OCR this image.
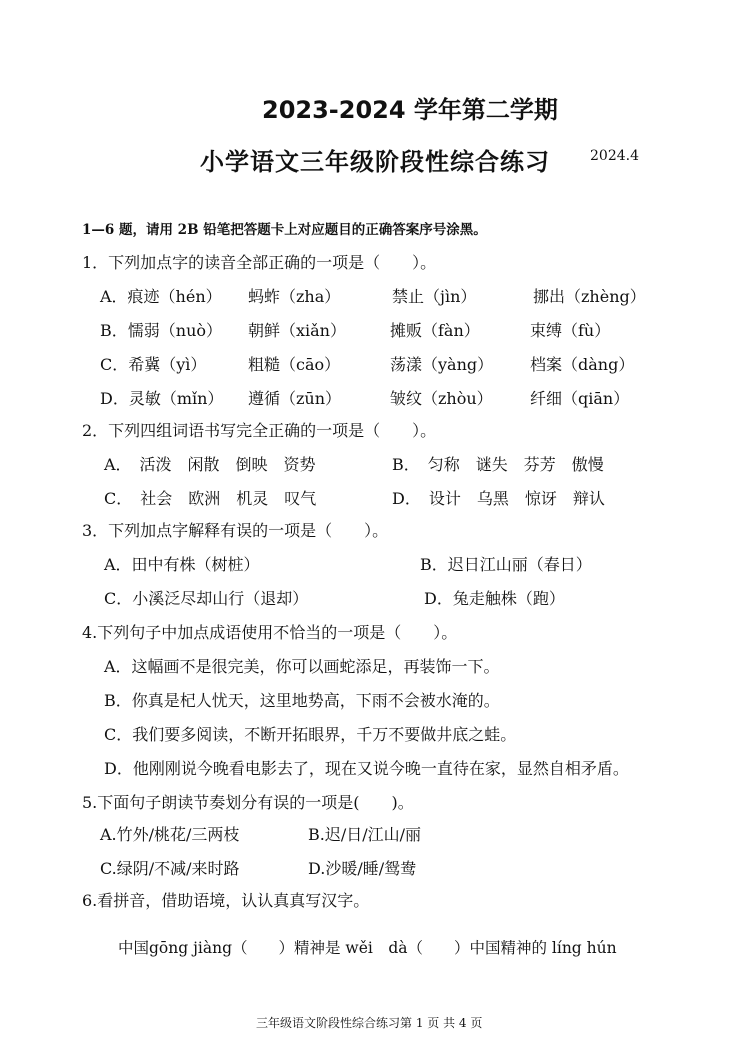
2023-2024 学年第二学期
小学语文三年级阶段性综合练习	2024.4
1—6 题，请用 2B 铅笔把答题卡上对应题目的正确答案序号涂黑。
1．下列加点字的读音全部正确的一项是（　　）。
A．痕迹（hén） 蚂蚱（zha）	禁止（jìn）	挪出（zhèng）
B．懦弱（nuò） 朝鲜（xiǎn）	摊贩（fàn）	束缚（fù）
C．希冀（yì）	粗糙（cāo）	荡漾（yàng） 档案（dàng）
D．灵敏（mǐn） 遵循（zūn）	皱纹（zhòu） 纤细（qiān）
2．下列四组词语书写完全正确的一项是（　　）。
A．　活泼　闲散　倒映　资势	B．　匀称　谜失　芬芳　傲慢
C．　社会　欧洲　机灵　叹气	D．　设计　乌黑　惊讶　辩认
3．下列加点字解释有误的一项是（　　）。
A．田中有株（树桩）	B．迟日江山丽（春日）
C．小溪泛尽却山行（退却）	D．兔走触株（跑）
4.下列句子中加点成语使用不恰当的一项是（　　）。
A．这幅画不是很完美，你可以画蛇添足，再装饰一下。
B．你真是杞人忧天，这里地势高，下雨不会被水淹的。
C．我们要多阅读，不断开拓眼界，千万不要做井底之蛙。
D．他刚刚说今晚看电影去了，现在又说今晚一直待在家，显然自相矛盾。
5.下面句子朗读节奏划分有误的一项是(　　)。
A.竹外/桃花/三两枝	B.迟/日/江山/丽
C.绿阴/不减/来时路	D.沙暖/睡/鸳鸯
6.看拼音，借助语境，认认真真写汉字。
中国gōng jiàng（　　）精神是 wěi　dà（　　）中国精神的 líng hún
三年级语文阶段性综合练习第 1 页 共 4 页
